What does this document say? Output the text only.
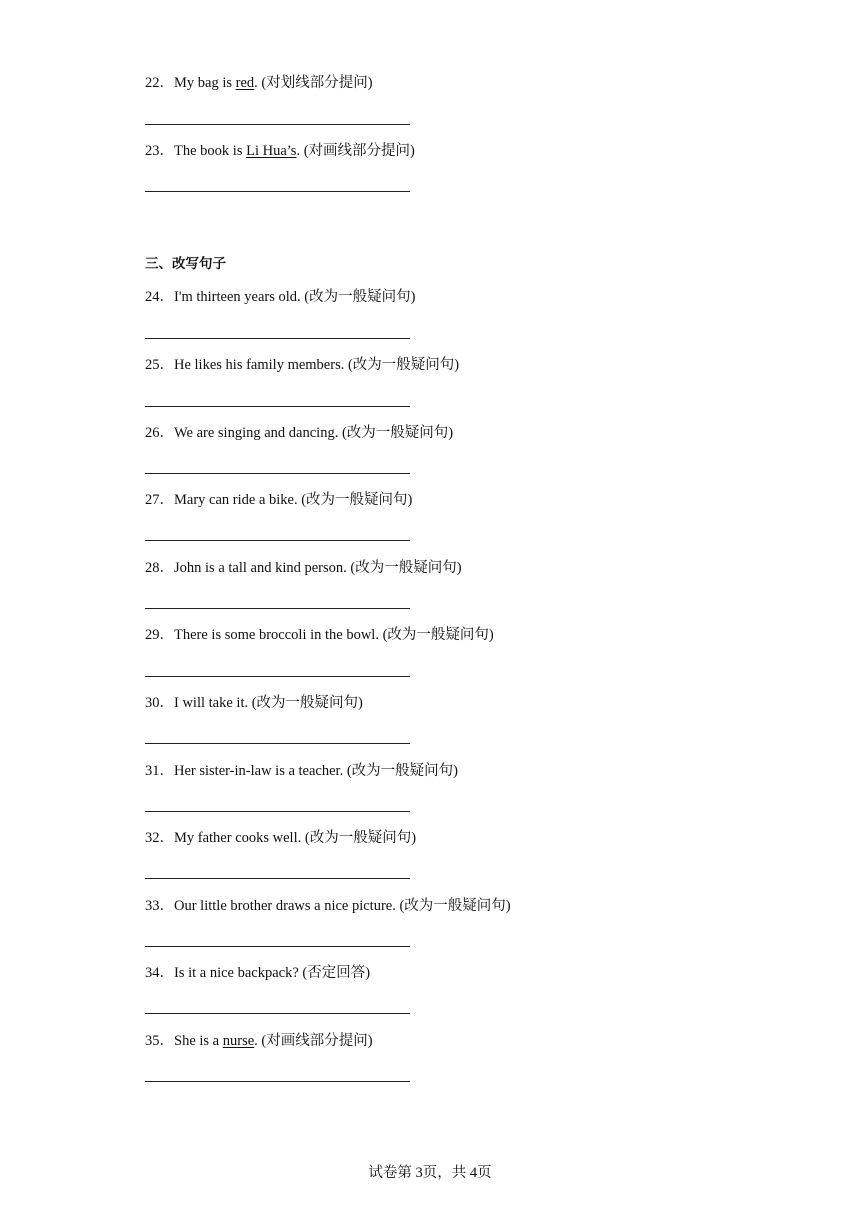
22．My bag is red. (对划线部分提问)
23．The book is Li Hua’s. (对画线部分提问)
三、改写句子
24．I'm thirteen years old. (改为一般疑问句)
25．He likes his family members. (改为一般疑问句)
26．We are singing and dancing. (改为一般疑问句)
27．Mary can ride a bike. (改为一般疑问句)
28．John is a tall and kind person. (改为一般疑问句)
29．There is some broccoli in the bowl. (改为一般疑问句)
30．I will take it. (改为一般疑问句)
31．Her sister-in-law is a teacher. (改为一般疑问句)
32．My father cooks well. (改为一般疑问句)
33．Our little brother draws a nice picture. (改为一般疑问句)
34．Is it a nice backpack? (否定回答)
35．She is a nurse. (对画线部分提问)
试卷第 3页，共 4页
